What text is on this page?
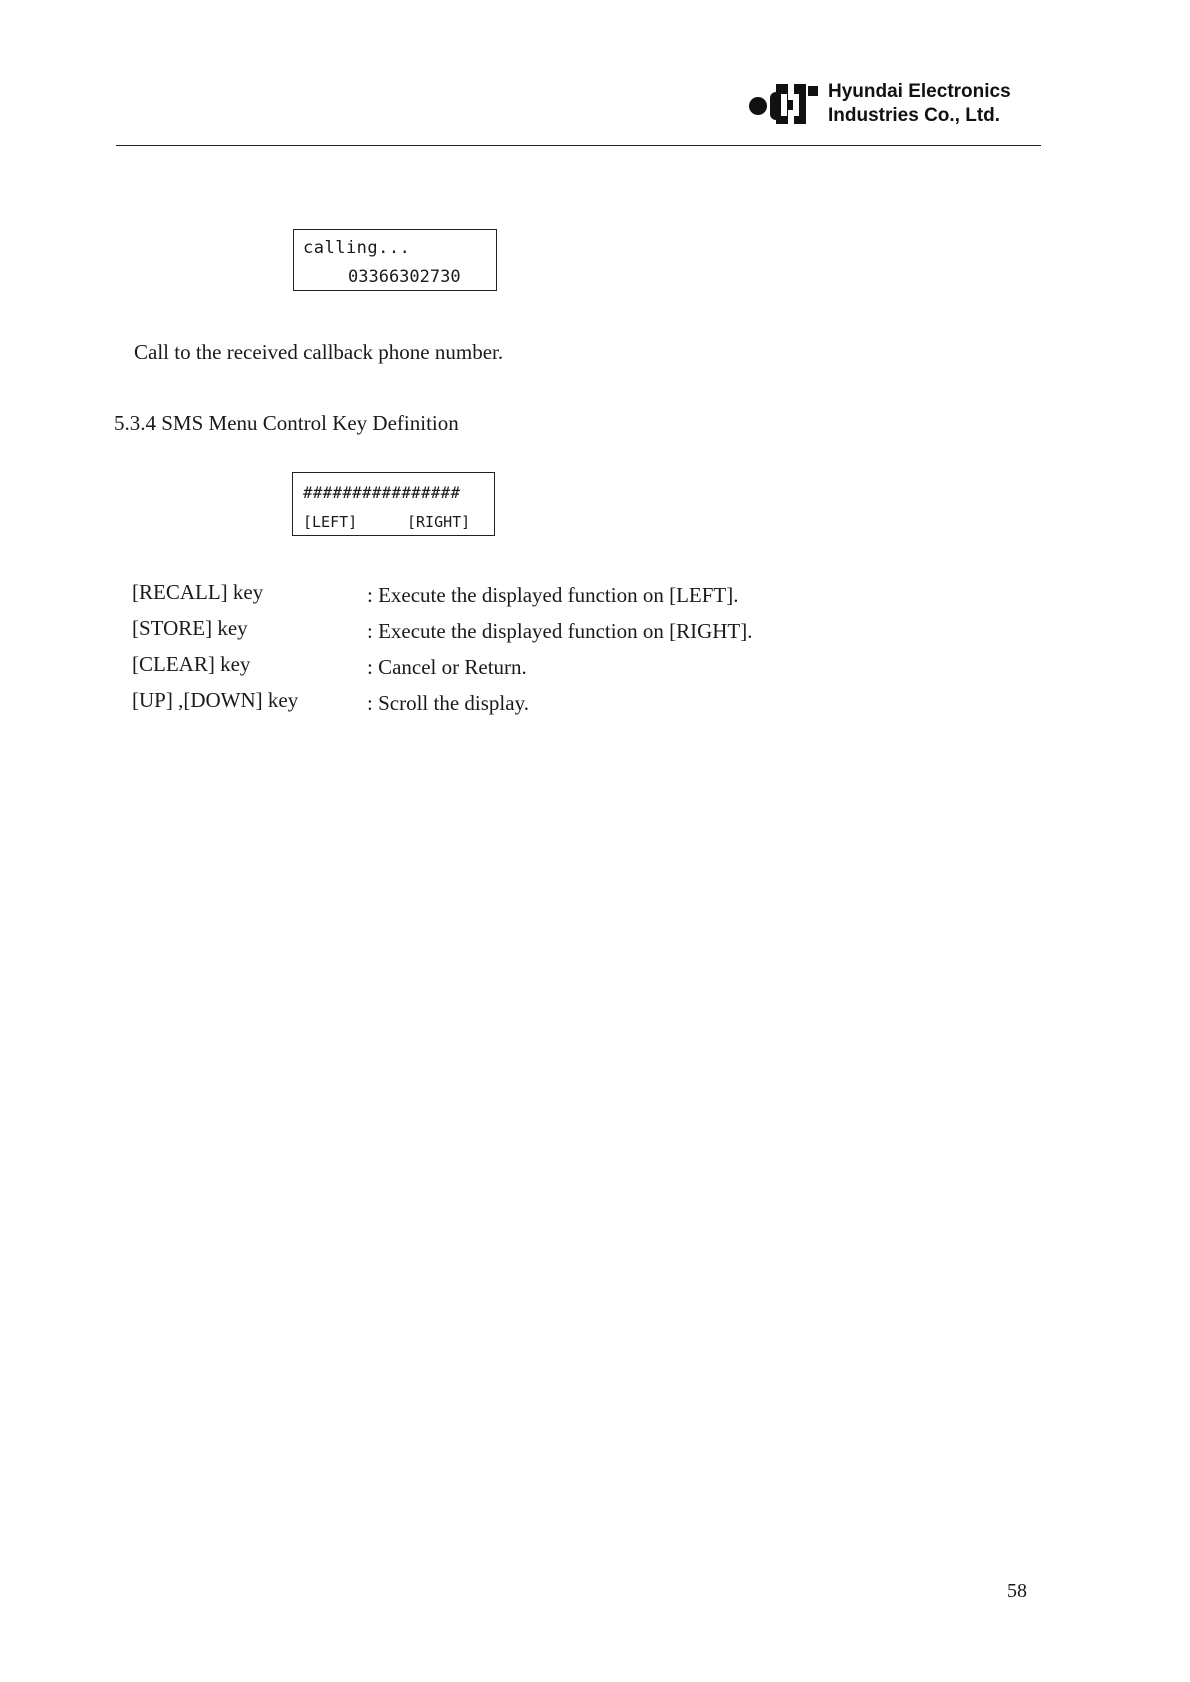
Hyundai Electronics
Industries Co., Ltd.
calling...
03366302730
Call to the received callback phone number.
5.3.4 SMS Menu Control Key Definition
################
[LEFT]	[RIGHT]
[RECALL] key	: Execute the displayed function on [LEFT].
[STORE] key	: Execute the displayed function on [RIGHT].
[CLEAR] key	: Cancel or Return.
[UP] ,[DOWN] key	: Scroll the display.
58
